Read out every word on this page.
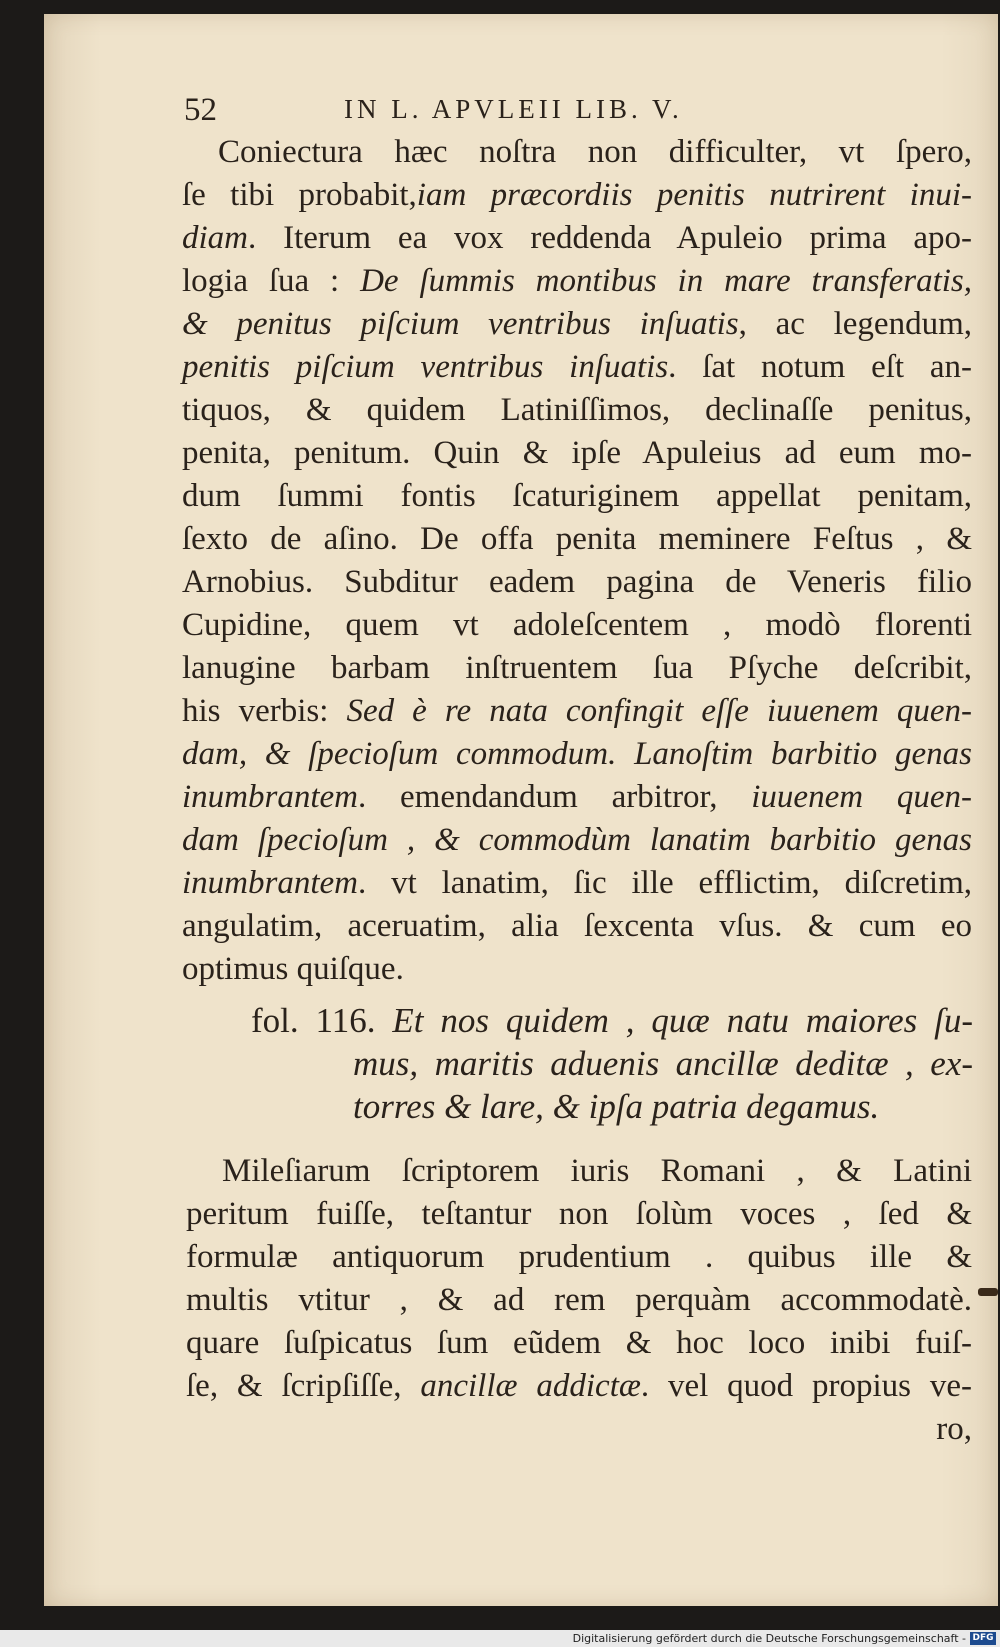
52	IN L. APVLEII LIB. V.
Coniectura hæc noſtra non difficulter, vt ſpero,
ſe tibi probabit,iam præcordiis penitis nutrirent inui-
diam. Iterum ea vox reddenda Apuleio prima apo-
logia ſua : De ſummis montibus in mare transferatis,
& penitus piſcium ventribus inſuatis, ac legendum,
penitis piſcium ventribus inſuatis. ſat notum eſt an-
tiquos, & quidem Latiniſſimos, declinaſſe penitus,
penita, penitum. Quin & ipſe Apuleius ad eum mo-
dum ſummi fontis ſcaturiginem appellat penitam,
ſexto de aſino. De offa penita meminere Feſtus , &
Arnobius. Subditur eadem pagina de Veneris filio
Cupidine, quem vt adoleſcentem , modò florenti
lanugine barbam inſtruentem ſua Pſyche deſcribit,
his verbis: Sed è re nata confingit eſſe iuuenem quen-
dam, & ſpecioſum commodum. Lanoſtim barbitio genas
inumbrantem. emendandum arbitror, iuuenem quen-
dam ſpecioſum , & commodùm lanatim barbitio genas
inumbrantem. vt lanatim, ſic ille efflictim, diſcretim,
angulatim, aceruatim, alia ſexcenta vſus. & cum eo
optimus quiſque.
fol. 116. Et nos quidem , quæ natu maiores ſu-
mus, maritis aduenis ancillæ deditæ , ex-
torres & lare, & ipſa patria degamus.
Mileſiarum ſcriptorem iuris Romani , & Latini
peritum fuiſſe, teſtantur non ſolùm voces , ſed &
formulæ antiquorum prudentium . quibus ille &
multis vtitur , & ad rem perquàm accommodatè.
quare ſuſpicatus ſum eũdem & hoc loco inibi fuiſ-
ſe, & ſcripſiſſe, ancillæ addictæ. vel quod propius ve-
ro,
Digitalisierung gefördert durch die Deutsche Forschungsgemeinschaft - DFG
